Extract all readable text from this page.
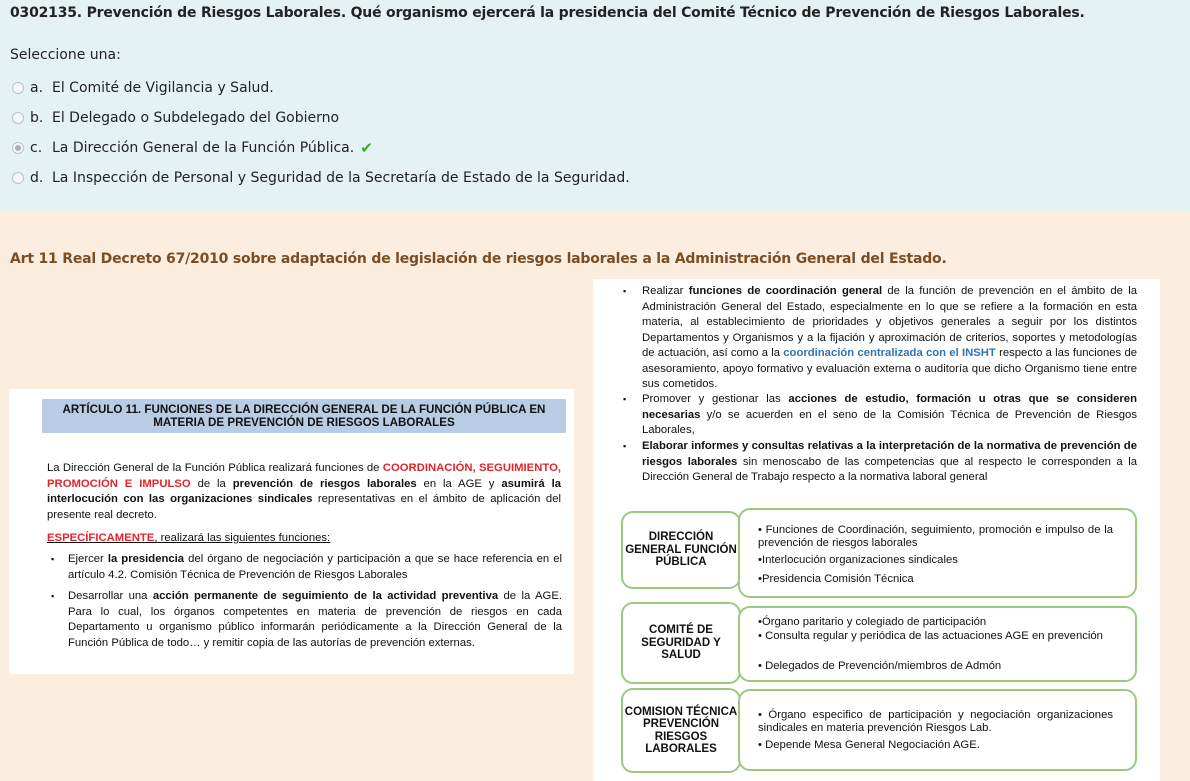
0302135. Prevención de Riesgos Laborales. Qué organismo ejercerá la presidencia del Comité Técnico de Prevención de Riesgos Laborales.
Seleccione una:
a. El Comité de Vigilancia y Salud.
b. El Delegado o Subdelegado del Gobierno
c. La Dirección General de la Función Pública. ✔
d. La Inspección de Personal y Seguridad de la Secretaría de Estado de la Seguridad.
Art 11 Real Decreto 67/2010 sobre adaptación de legislación de riesgos laborales a la Administración General del Estado.
ARTÍCULO 11. FUNCIONES DE LA DIRECCIÓN GENERAL DE LA FUNCIÓN PÚBLICA EN MATERIA DE PREVENCIÓN DE RIESGOS LABORALES
La Dirección General de la Función Pública realizará funciones de COORDINACIÓN, SEGUIMIENTO, PROMOCIÓN E IMPULSO de la prevención de riesgos laborales en la AGE y asumirá la interlocución con las organizaciones sindicales representativas en el ámbito de aplicación del presente real decreto.
ESPECÍFICAMENTE, realizará las siguientes funciones:
▪ Ejercer la presidencia del órgano de negociación y participación a que se hace referencia en el artículo 4.2. Comisión Técnica de Prevención de Riesgos Laborales
▪ Desarrollar una acción permanente de seguimiento de la actividad preventiva de la AGE. Para lo cual, los órganos competentes en materia de prevención de riesgos en cada Departamento u organismo público informarán periódicamente a la Dirección General de la Función Pública de todo… y remitir copia de las autorías de prevención externas.
▪ Realizar funciones de coordinación general de la función de prevención en el ámbito de la Administración General del Estado, especialmente en lo que se refiere a la formación en esta materia, al establecimiento de prioridades y objetivos generales a seguir por los distintos Departamentos y Organismos y a la fijación y aproximación de criterios, soportes y metodologías de actuación, así como a la coordinación centralizada con el INSHT respecto a las funciones de asesoramiento, apoyo formativo y evaluación externa o auditoría que dicho Organismo tiene entre sus cometidos.
▪ Promover y gestionar las acciones de estudio, formación u otras que se consideren necesarias y/o se acuerden en el seno de la Comisión Técnica de Prevención de Riesgos Laborales,
▪ Elaborar informes y consultas relativas a la interpretación de la normativa de prevención de riesgos laborales sin menoscabo de las competencias que al respecto le corresponden a la Dirección General de Trabajo respecto a la normativa laboral general
DIRECCIÓN GENERAL FUNCIÓN PÚBLICA
• Funciones de Coordinación, seguimiento, promoción e impulso de la prevención de riesgos laborales
•Interlocución organizaciones sindicales
•Presidencia Comisión Técnica
COMITÉ DE SEGURIDAD Y SALUD
•Órgano paritario y colegiado de participación
• Consulta regular y periódica de las actuaciones AGE en prevención
• Delegados de Prevención/miembros de Admón
COMISION TÉCNICA PREVENCIÓN RIESGOS LABORALES
• Órgano especifico de participación y negociación organizaciones sindicales en materia prevención Riesgos Lab.
• Depende Mesa General Negociación AGE.
